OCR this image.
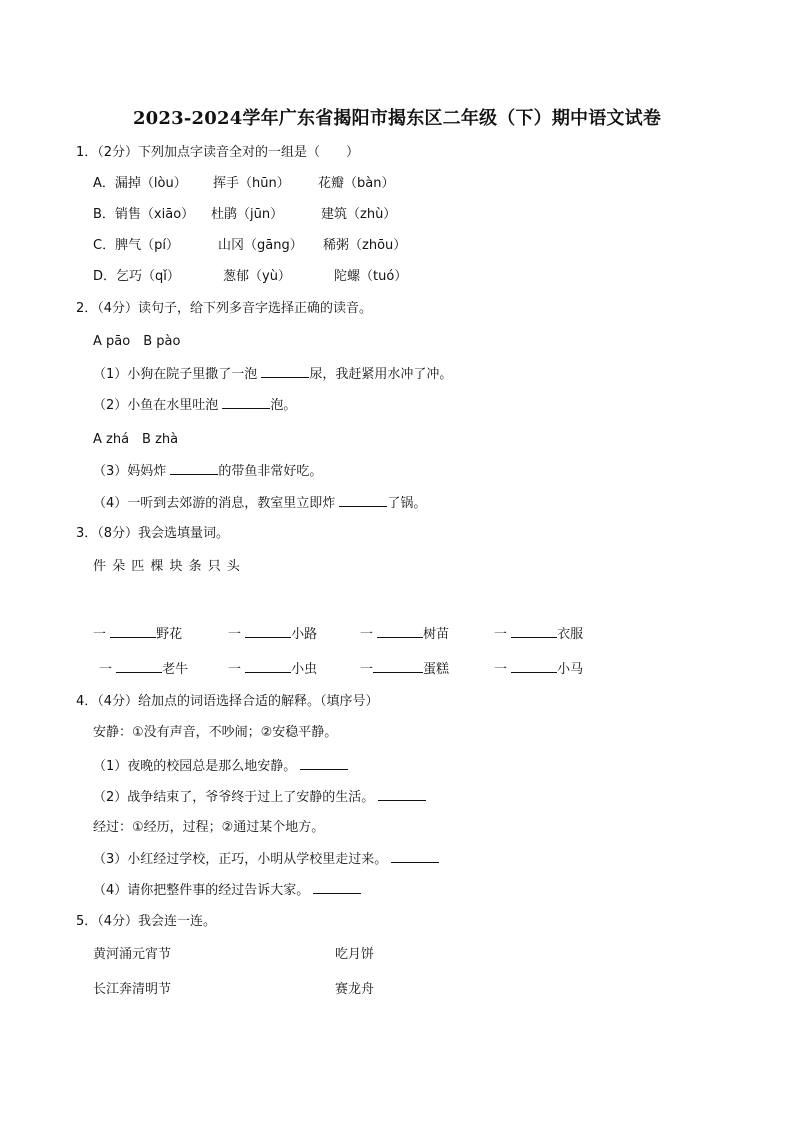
2023-2024学年广东省揭阳市揭东区二年级（下）期中语文试卷
1．（2分）下列加点字读音全对的一组是（　　）
A．漏掉（lòu） 挥手（hūn） 花瓣（bàn）
B．销售（xiāo） 杜鹃（jūn）	建筑（zhù）
C．脾气（pí）	山冈（gāng） 稀粥（zhōu）
D．乞巧（qǐ）	葱郁（yù）	陀螺（tuó）
2．（4分）读句子，给下列多音字选择正确的读音。
A pāo　B pào
（1）小狗在院子里撒了一泡	尿，我赶紧用水冲了冲。
（2）小鱼在水里吐泡	泡。
A zhá　B zhà
（3）妈妈炸	的带鱼非常好吃。
（4）一听到去郊游的消息，教室里立即炸	了锅。
3．（8分）我会选填量词。
件 朵 匹 棵 块 条 只 头
一	野花	一	小路	一	树苗	一	衣服
一	老牛	一	小虫	一	蛋糕	一	小马
4．（4分）给加点的词语选择合适的解释。（填序号）
安静：①没有声音，不吵闹；②安稳平静。
（1）夜晚的校园总是那么地安静。
（2）战争结束了，爷爷终于过上了安静的生活。
经过：①经历，过程；②通过某个地方。
（3）小红经过学校，正巧，小明从学校里走过来。
（4）请你把整件事的经过告诉大家。
5．（4分）我会连一连。
黄河涌元宵节	吃月饼
长江奔清明节	赛龙舟
